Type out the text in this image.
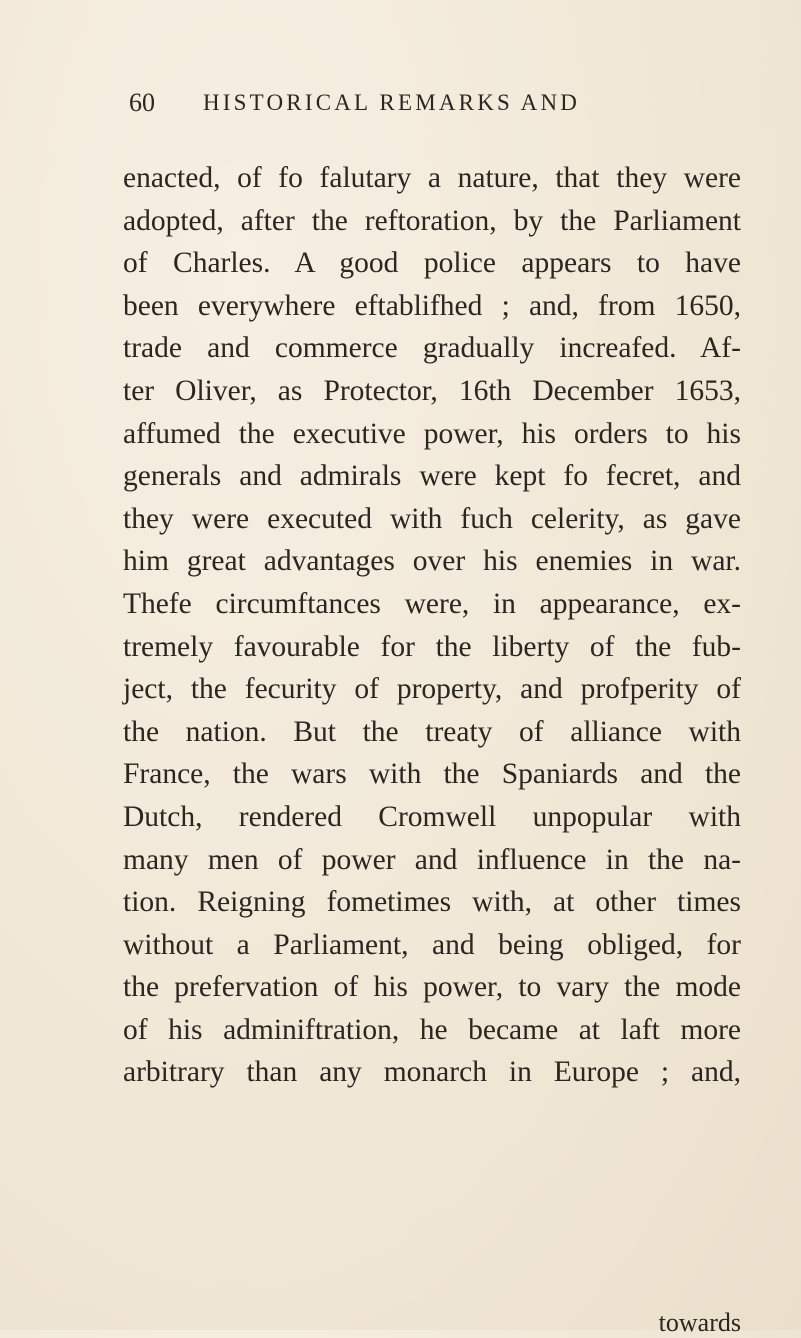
60 HISTORICAL REMARKS AND
enacted, of fo falutary a nature, that they were
adopted, after the reftoration, by the Parliament
of Charles. A good police appears to have
been everywhere eftablifhed ; and, from 1650,
trade and commerce gradually increafed. Af-
ter Oliver, as Protector, 16th December 1653,
affumed the executive power, his orders to his
generals and admirals were kept fo fecret, and
they were executed with fuch celerity, as gave
him great advantages over his enemies in war.
Thefe circumftances were, in appearance, ex-
tremely favourable for the liberty of the fub-
ject, the fecurity of property, and profperity of
the nation. But the treaty of alliance with
France, the wars with the Spaniards and the
Dutch, rendered Cromwell unpopular with
many men of power and influence in the na-
tion. Reigning fometimes with, at other times
without a Parliament, and being obliged, for
the prefervation of his power, to vary the mode
of his adminiftration, he became at laft more
arbitrary than any monarch in Europe ; and,
towards
